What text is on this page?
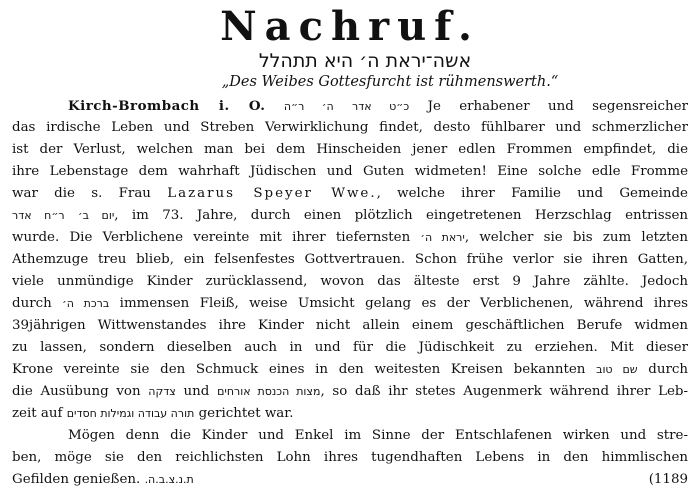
Nachruf.
אשה־יראת ה׳ היא תתהלל
„Des Weibes Gottesfurcht ist rühmenswerth.“
Kirch-Brombach i. O. ה׳ ר״ה כ״ט אדר Je erhabener und segensreicher
das irdische Leben und Streben Verwirklichung findet, desto fühlbarer und schmerzlicher
ist der Verlust, welchen man bei dem Hinscheiden jener edlen Frommen empfindet, die
ihre Lebenstage dem wahrhaft Jüdischen und Guten widmeten! Eine solche edle Fromme
war die s. Frau Lazarus Speyer Wwe., welche ihrer Familie und Gemeinde
ר״ח אדר יום ב׳, im 73. Jahre, durch einen plötzlich eingetretenen Herzschlag entrissen
wurde. Die Verblichene vereinte mit ihrer tiefernsten יראת ה׳, welcher sie bis zum letzten
Athemzuge treu blieb, ein felsenfestes Gottvertrauen. Schon frühe verlor sie ihren Gatten,
viele unmündige Kinder zurücklassend, wovon das älteste erst 9 Jahre zählte. Jedoch
durch ברכת ה׳ immensen Fleiß, weise Umsicht gelang es der Verblichenen, während ihres
39jährigen Wittwenstandes ihre Kinder nicht allein einem geschäftlichen Berufe widmen
zu lassen, sondern dieselben auch in und für die Jüdischkeit zu erziehen. Mit dieser
Krone vereinte sie den Schmuck eines in den weitesten Kreisen bekannten שם טוב durch
die Ausübung von צדקה und מצות הכנסת אורחים, so daß ihr stetes Augenmerk während ihrer Leb-
zeit auf תורה עבודה וגמילות חסדים gerichtet war.
Mögen denn die Kinder und Enkel im Sinne der Entschlafenen wirken und stre-
ben, möge sie den reichlichsten Lohn ihres tugendhaften Lebens in den himmlischen
Gefilden genießen. ת.נ.צ.ב.ה.	(1189
